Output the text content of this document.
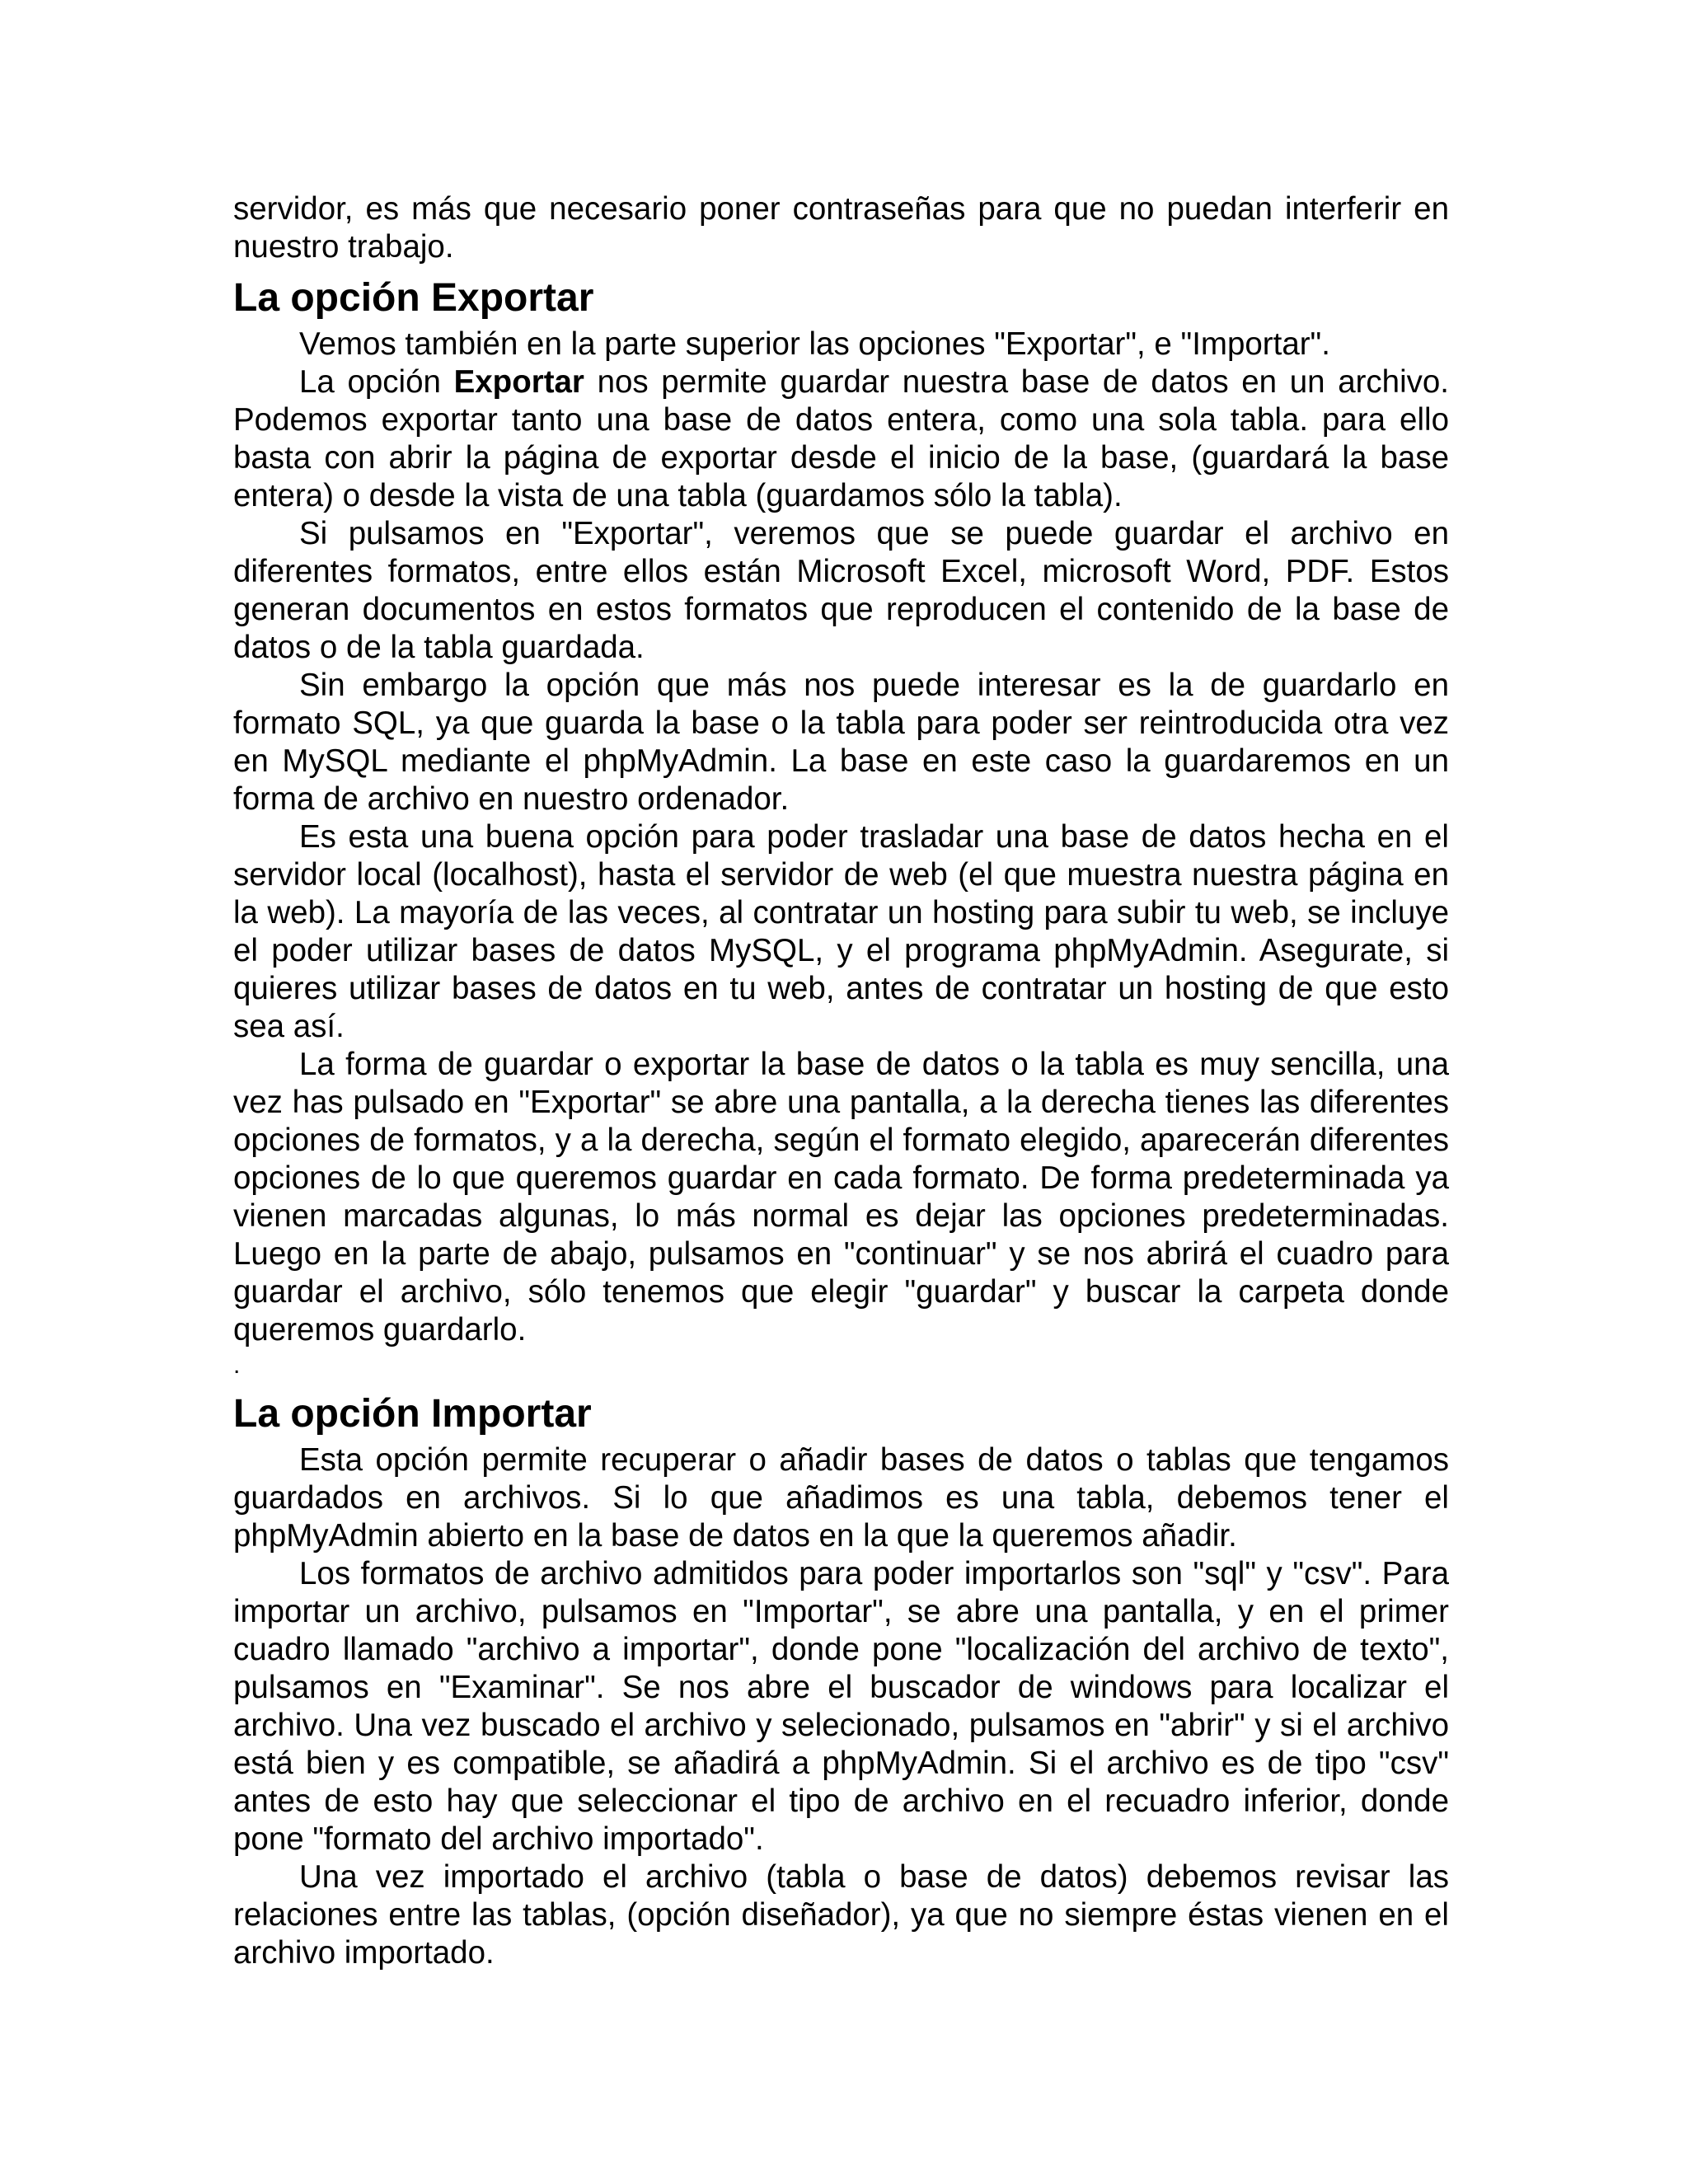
servidor, es más que necesario poner contraseñas para que no puedan interferir en nuestro trabajo.

La opción Exportar

Vemos también en la parte superior las opciones "Exportar", e "Importar".

La opción Exportar nos permite guardar nuestra base de datos en un archivo. Podemos exportar tanto una base de datos entera, como una sola tabla. para ello basta con abrir la página de exportar desde el inicio de la base, (guardará la base entera) o desde la vista de una tabla (guardamos sólo la tabla).

Si pulsamos en "Exportar", veremos que se puede guardar el archivo en diferentes formatos, entre ellos están Microsoft Excel, microsoft Word, PDF. Estos generan documentos en estos formatos que reproducen el contenido de la base de datos o de la tabla guardada.

Sin embargo la opción que más nos puede interesar es la de guardarlo en formato SQL, ya que guarda la base o la tabla para poder ser reintroducida otra vez en MySQL mediante el phpMyAdmin. La base en este caso la guardaremos en un forma de archivo en nuestro ordenador.

Es esta una buena opción para poder trasladar una base de datos hecha en el servidor local (localhost), hasta el servidor de web (el que muestra nuestra página en la web). La mayoría de las veces, al contratar un hosting para subir tu web, se incluye el poder utilizar bases de datos MySQL, y el programa phpMyAdmin. Asegurate, si quieres utilizar bases de datos en tu web, antes de contratar un hosting de que esto sea así.

La forma de guardar o exportar la base de datos o la tabla es muy sencilla, una vez has pulsado en "Exportar" se abre una pantalla, a la derecha tienes las diferentes opciones de formatos, y a la derecha, según el formato elegido, aparecerán diferentes opciones de lo que queremos guardar en cada formato. De forma predeterminada ya vienen marcadas algunas, lo más normal es dejar las opciones predeterminadas. Luego en la parte de abajo, pulsamos en "continuar" y se nos abrirá el cuadro para guardar el archivo, sólo tenemos que elegir "guardar" y buscar la carpeta donde queremos guardarlo.

.

La opción Importar

Esta opción permite recuperar o añadir bases de datos o tablas que tengamos guardados en archivos. Si lo que añadimos es una tabla, debemos tener el phpMyAdmin abierto en la base de datos en la que la queremos añadir.

Los formatos de archivo admitidos para poder importarlos son "sql" y "csv". Para importar un archivo, pulsamos en "Importar", se abre una pantalla, y en el primer cuadro llamado "archivo a importar", donde pone "localización del archivo de texto", pulsamos en "Examinar". Se nos abre el buscador de windows para localizar el archivo. Una vez buscado el archivo y selecionado, pulsamos en "abrir" y si el archivo está bien y es compatible, se añadirá a phpMyAdmin. Si el archivo es de tipo "csv" antes de esto hay que seleccionar el tipo de archivo en el recuadro inferior, donde pone "formato del archivo importado".

Una vez importado el archivo (tabla o base de datos) debemos revisar las relaciones entre las tablas, (opción diseñador), ya que no siempre éstas vienen en el archivo importado.
